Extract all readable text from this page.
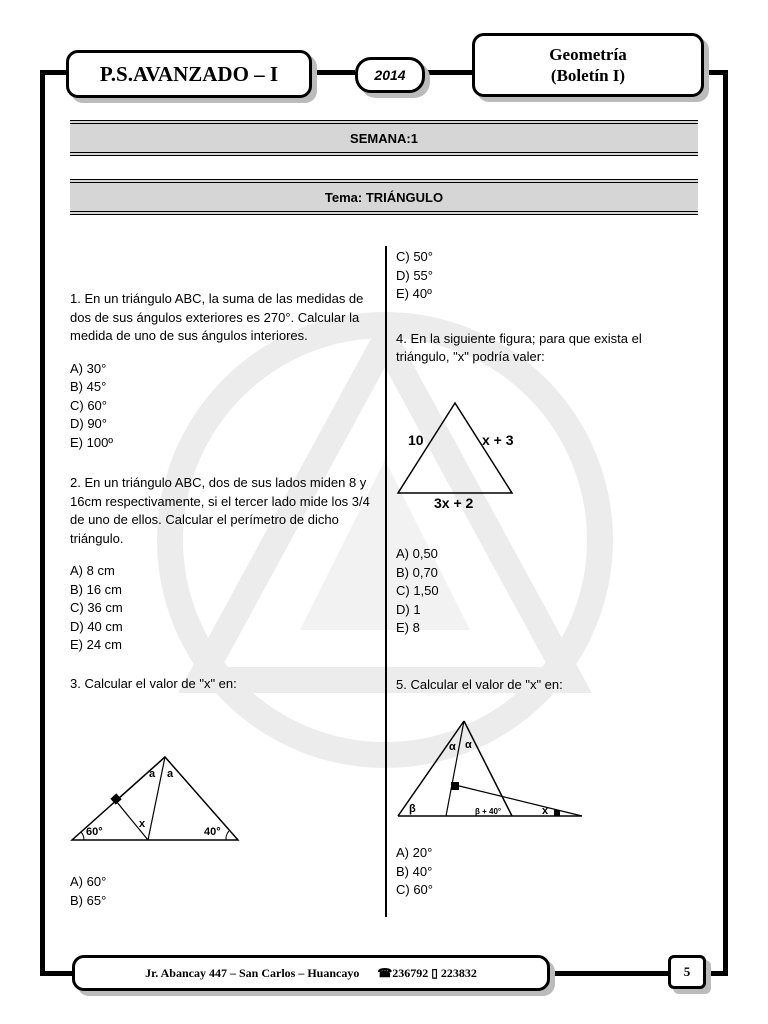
P.S.AVANZADO – I	2014
Geometría
(Boletín I)
SEMANA:1
Tema: TRIÁNGULO

1. En un triángulo ABC, la suma de las medidas de dos de sus ángulos exteriores es 270°. Calcular la medida de uno de sus ángulos interiores.

A) 30°

B) 45°

C) 60°

D) 90°

E) 100º

2. En un triángulo ABC, dos de sus lados miden 8 y 16cm respectivamente, si el tercer lado mide los 3/4 de uno de ellos. Calcular el perímetro de dicho triángulo.

A) 8 cm

B) 16 cm

C) 36 cm

D) 40 cm

E) 24 cm

3. Calcular el valor de "x" en:

60°	40°
a a
x

A) 60°

B) 65°

C) 50°

D) 55°

E) 40º

4. En la siguiente figura; para que exista el triángulo, "x" podría valer:

10	x + 3
3x + 2

A) 0,50

B) 0,70

C) 1,50

D) 1

E) 8

5. Calcular el valor de "x" en:

α α
β	β + 40°	x

A) 20°

B) 40°

C) 60°

Jr. Abancay 447 – San Carlos – Huancayo ☎236792 ▯ 223832	5
